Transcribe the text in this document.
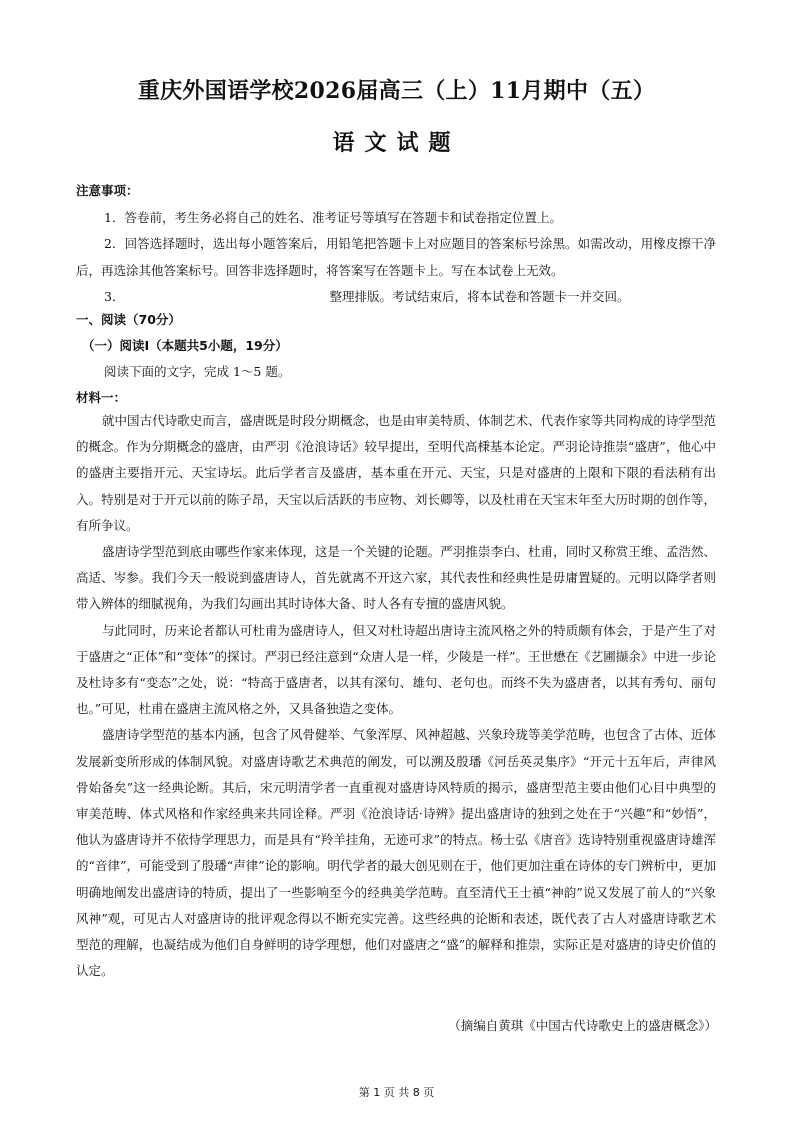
重庆外国语学校2026届高三（上）11月期中（五）
语文试题
注意事项：

1．答卷前，考生务必将自己的姓名、准考证号等填写在答题卡和试卷指定位置上。

2．回答选择题时，选出每小题答案后，用铅笔把答题卡上对应题目的答案标号涂黑。如需改动，用橡皮擦干净后，再选涂其他答案标号。回答非选择题时，将答案写在答题卡上。写在本试卷上无效。

3．	整理排版。考试结束后，将本试卷和答题卡一并交回。

一、阅读（70分）
（一）阅读Ⅰ（本题共5小题，19分）
阅读下面的文字，完成 1～5 题。
材料一：

就中国古代诗歌史而言，盛唐既是时段分期概念，也是由审美特质、体制艺术、代表作家等共同构成的诗学型范的概念。作为分期概念的盛唐，由严羽《沧浪诗话》较早提出，至明代高棅基本论定。严羽论诗推崇“盛唐”，他心中的盛唐主要指开元、天宝诗坛。此后学者言及盛唐，基本重在开元、天宝，只是对盛唐的上限和下限的看法稍有出入。特别是对于开元以前的陈子昂，天宝以后活跃的韦应物、刘长卿等，以及杜甫在天宝末年至大历时期的创作等，有所争议。

盛唐诗学型范到底由哪些作家来体现，这是一个关键的论题。严羽推崇李白、杜甫，同时又称赏王维、孟浩然、高适、岑参。我们今天一般说到盛唐诗人，首先就离不开这六家，其代表性和经典性是毋庸置疑的。元明以降学者则带入辨体的细腻视角，为我们勾画出其时诗体大备、时人各有专擅的盛唐风貌。

与此同时，历来论者都认可杜甫为盛唐诗人，但又对杜诗超出唐诗主流风格之外的特质颇有体会，于是产生了对于盛唐之“正体”和“变体”的探讨。严羽已经注意到“众唐人是一样，少陵是一样”。王世懋在《艺圃撷余》中进一步论及杜诗多有“变态”之处，说：“特高于盛唐者，以其有深句、雄句、老句也。而终不失为盛唐者，以其有秀句、丽句也。”可见，杜甫在盛唐主流风格之外，又具备独造之变体。

盛唐诗学型范的基本内涵，包含了风骨健举、气象浑厚、风神超越、兴象玲珑等美学范畴，也包含了古体、近体发展新变所形成的体制风貌。对盛唐诗歌艺术典范的阐发，可以溯及殷璠《河岳英灵集序》“开元十五年后，声律风骨始备矣”这一经典论断。其后，宋元明清学者一直重视对盛唐诗风特质的揭示，盛唐型范主要由他们心目中典型的审美范畴、体式风格和作家经典来共同诠释。严羽《沧浪诗话·诗辨》提出盛唐诗的独到之处在于“兴趣”和“妙悟”，他认为盛唐诗并不依恃学理思力，而是具有“羚羊挂角，无迹可求”的特点。杨士弘《唐音》选诗特别重视盛唐诗雄浑的“音律”，可能受到了殷璠“声律”论的影响。明代学者的最大创见则在于，他们更加注重在诗体的专门辨析中，更加明确地阐发出盛唐诗的特质，提出了一些影响至今的经典美学范畴。直至清代王士禛“神韵”说又发展了前人的“兴象风神”观，可见古人对盛唐诗的批评观念得以不断充实完善。这些经典的论断和表述，既代表了古人对盛唐诗歌艺术型范的理解，也凝结成为他们自身鲜明的诗学理想，他们对盛唐之“盛”的解释和推崇，实际正是对盛唐的诗史价值的认定。

（摘编自黄琪《中国古代诗歌史上的盛唐概念》）
第 1 页 共 8 页
